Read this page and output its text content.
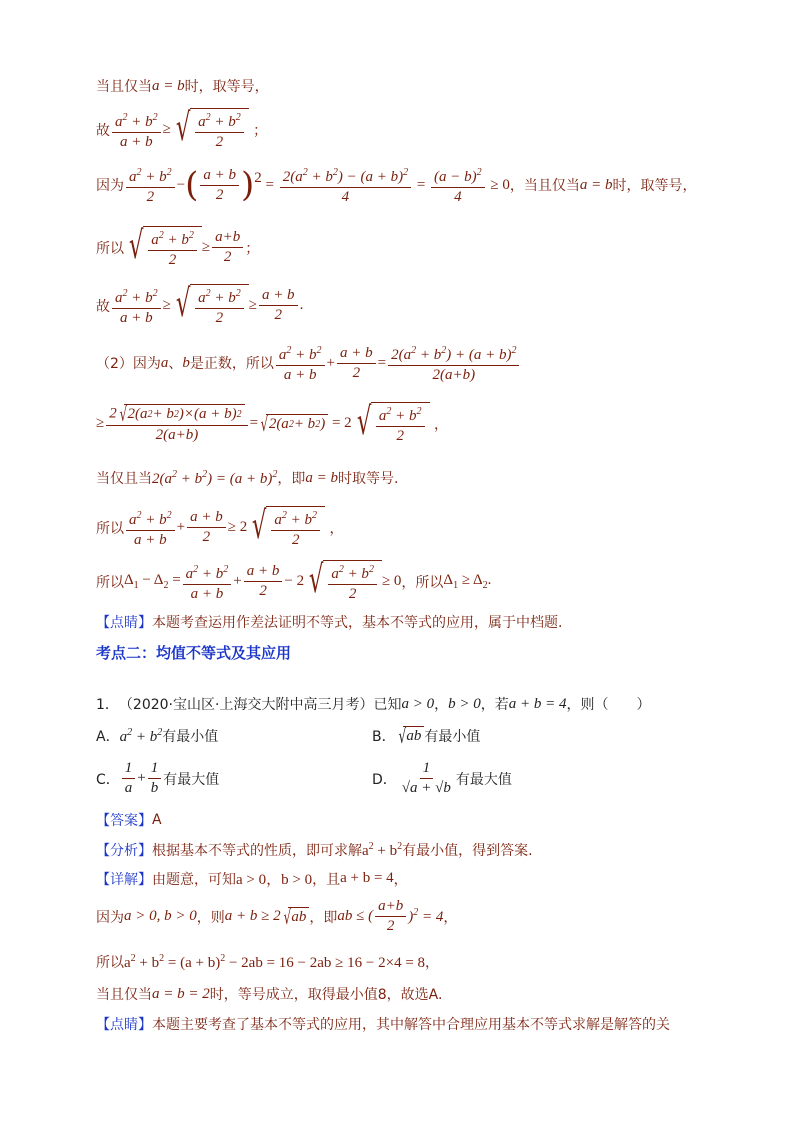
当且仅当 a = b 时，取等号，
故 $\frac{a^2 + b^2}{a + b}$ ≥ √ $\frac{a^2 + b^2}{2}$ ；
因为 $\frac{a^2 + b^2}{2}$ − ( $\frac{a + b}{2}$ ) $2 = \frac{2(a^2 + b^2) - (a + b)^2}{4} = \frac{(a - b)^2}{4} \ge 0$ ，当且仅当 a = b 时，取等号，
所以 √ $\frac{a^2 + b^2}{2} \ge \frac{a+b}{2}$ ；
故 $\frac{a^2 + b^2}{a + b}$ ≥ √ $\frac{a^2 + b^2}{2} \ge \frac{a + b}{2}$ .
（2）因为 a 、 b 是正数，所以 $\frac{a^2 + b^2}{a + b} + \frac{a + b}{2} = \frac{2(a^2 + b^2) + (a + b)^2}{2(a+b)}$
≥ $\frac{2 √ 2(a 2 + b 2 )\times(a + b) 2}{2(a+b)}$ = √ 2(a 2 + b 2 ) = 2 √ $\frac{a^2 + b^2}{2}$ ，
当仅且当 $2(a^2 + b^2) = (a + b)^2$ ，即 a = b 时取等号.
所以 $\frac{a^2 + b^2}{a + b} + \frac{a + b}{2} \ge 2$ √ $\frac{a^2 + b^2}{2}$ ，
所以 $\Delta_1 - \Delta_2 = \frac{a^2 + b^2}{a + b} + \frac{a + b}{2} - 2$ √ $\frac{a^2 + b^2}{2} \ge 0$ ，所以 $\Delta_1 \ge \Delta_2$.
【点睛】 本题考查运用作差法证明不等式，基本不等式的应用，属于中档题.
考点二：均值不等式及其应用
1． （2020·宝山区·上海交大附中高三月考）已知 a > 0 ， b > 0 ，若 a + b = 4 ，则（　　）
A． $a^2 + b^2$ 有最小值	B． √ ab 有最小值
C． $\frac{1}{a} + \frac{1}{b}$ 有最大值	D． $\frac{1}{√a + √b}$ 有最大值
【答案】 A
【分析】 根据基本不等式的性质，即可求解 $a^2 + b^2$ 有最小值，得到答案.
【详解】 由题意，可知 a > 0，b > 0 ，且 a + b = 4 ，
因为 a > 0, b > 0 ，则 a + b ≥ 2 √ ab ，即 ab ≤ ( $\frac{a+b}{2} )^2 = 4$ ，
所以 $a^2 + b^2 = (a + b)^2 - 2ab = 16 - 2ab \ge 16 - 2\times 4 = 8$ ，
当且仅当 a = b = 2 时，等号成立，取得最小值8，故选A.
【点睛】 本题主要考查了基本不等式的应用，其中解答中合理应用基本不等式求解是解答的关
